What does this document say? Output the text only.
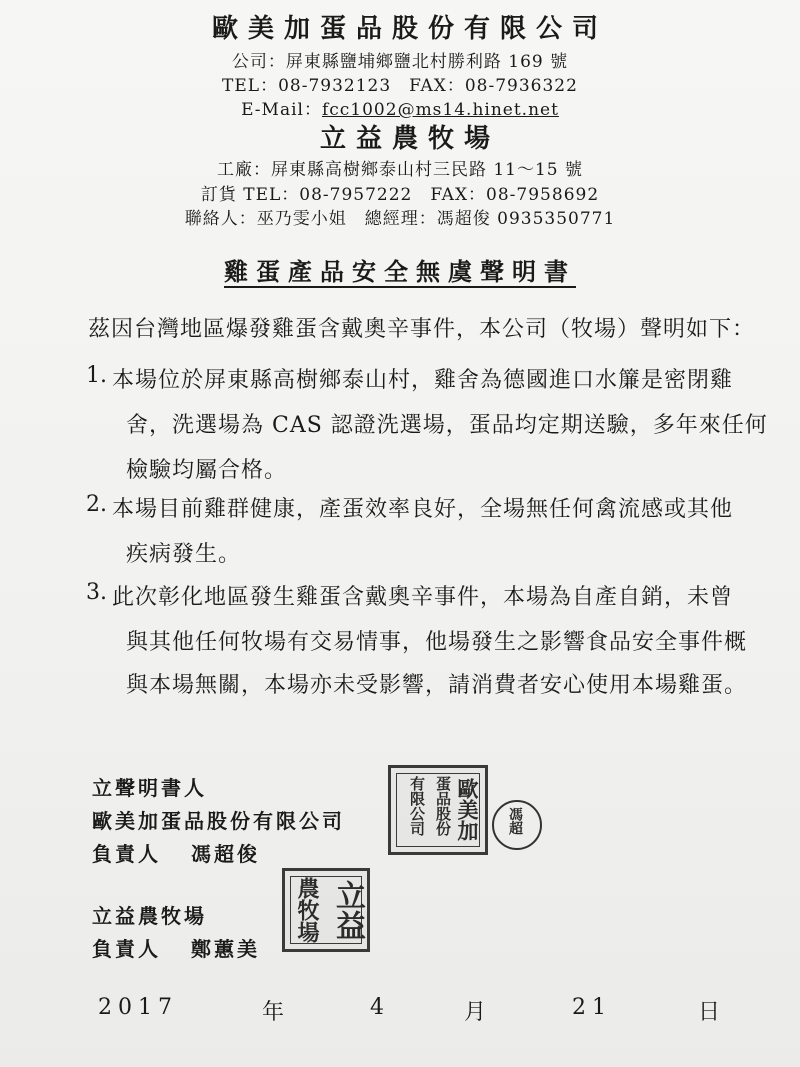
歐美加蛋品股份有限公司
公司：屏東縣鹽埔鄉鹽北村勝利路 169 號
TEL：08-7932123　FAX：08-7936322
E-Mail：fcc1002@ms14.hinet.net
立益農牧場
工廠：屏東縣高樹鄉泰山村三民路 11～15 號
訂貨 TEL：08-7957222　FAX：08-7958692
聯絡人：巫乃雯小姐　總經理：馮超俊 0935350771
雞蛋產品安全無虞聲明書
茲因台灣地區爆發雞蛋含戴奧辛事件，本公司（牧場）聲明如下：
1. 本場位於屏東縣高樹鄉泰山村，雞舍為德國進口水簾是密閉雞
舍，洗選場為 CAS 認證洗選場，蛋品均定期送驗，多年來任何
檢驗均屬合格。
2. 本場目前雞群健康，產蛋效率良好，全場無任何禽流感或其他
疾病發生。
3. 此次彰化地區發生雞蛋含戴奧辛事件，本場為自產自銷，未曾
與其他任何牧場有交易情事，他場發生之影響食品安全事件概
與本場無關，本場亦未受影響，請消費者安心使用本場雞蛋。
立聲明書人
歐美加蛋品股份有限公司
負責人 馮超俊
立益農牧場
負責人 鄭蕙美
歐美加
蛋品股份
有限公司	馮超
立益
農牧場
2017	年	4	月	21	日
